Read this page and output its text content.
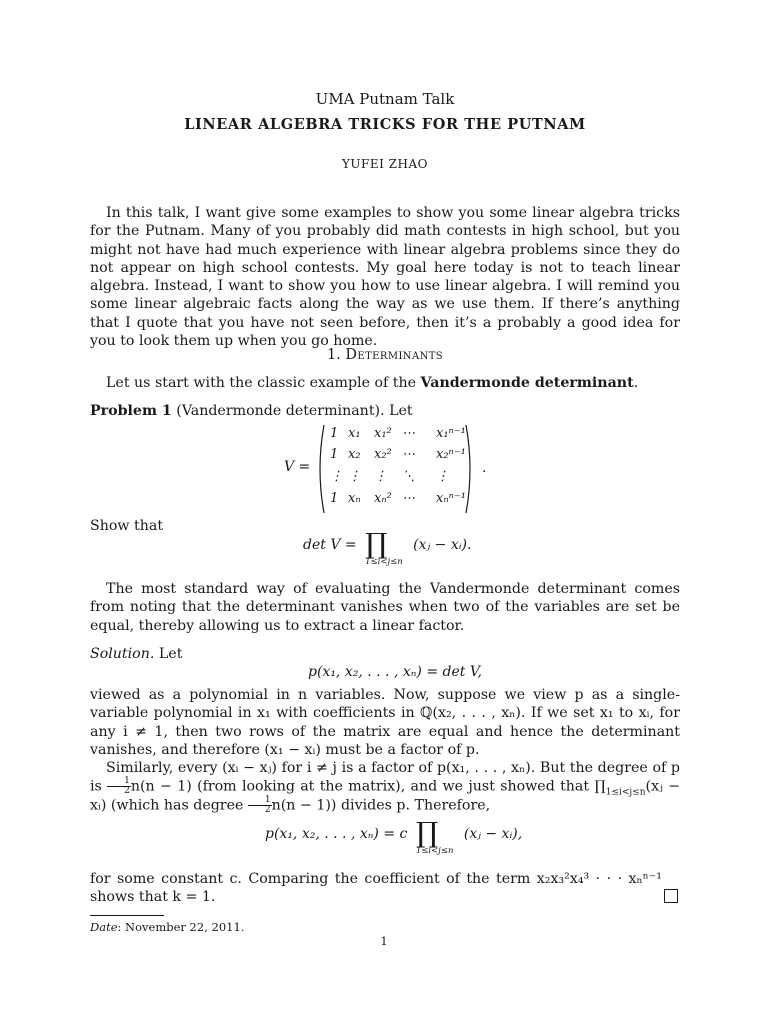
UMA Putnam Talk
LINEAR ALGEBRA TRICKS FOR THE PUTNAM
YUFEI ZHAO
In this talk, I want give some examples to show you some linear algebra tricks for the Putnam. Many of you probably did math contests in high school, but you might not have had much experience with linear algebra problems since they do not appear on high school contests. My goal here today is not to teach linear algebra. Instead, I want to show you how to use linear algebra. I will remind you some linear algebraic facts along the way as we use them. If there’s anything that I quote that you have not seen before, then it’s a probably a good idea for you to look them up when you go home.
1. Determinants
Let us start with the classic example of the Vandermonde determinant.
Problem 1 (Vandermonde determinant). Let
V =
1 x₁ x₁² ⋯ x₁ⁿ⁻¹
1 x₂ x₂² ⋯ x₂ⁿ⁻¹
⋮ ⋮ ⋮ ⋱ ⋮
1 xₙ xₙ² ⋯ xₙⁿ⁻¹
.
Show that
det V = ∏
1≤i<j≤n
(xⱼ − xᵢ).
The most standard way of evaluating the Vandermonde determinant comes from noting that the determinant vanishes when two of the variables are set be equal, thereby allowing us to extract a linear factor.
Solution. Let
p(x₁, x₂, . . . , xₙ) = det V,
viewed as a polynomial in n variables. Now, suppose we view p as a single-variable polynomial in x₁ with coefficients in ℚ(x₂, . . . , xₙ). If we set x₁ to xᵢ, for any i ≠ 1, then two rows of the matrix are equal and hence the determinant vanishes, and therefore (x₁ − xᵢ) must be a factor of p.
Similarly, every (xᵢ − xⱼ) for i ≠ j is a factor of p(x₁, . . . , xₙ). But the degree of p is $\frac{1}{2} n(n - 1)$ (from looking at the matrix), and we just showed that $\prod_{1\le i<j\le n}(xⱼ$ − xᵢ) (which has degree $\frac{1}{2} n(n - 1)$) divides p. Therefore,
p(x₁, x₂, . . . , xₙ) = c ∏
1≤i<j≤n
(xⱼ − xᵢ),
for some constant c. Comparing the coefficient of the term x₂x₃²x₄³ · · · xₙⁿ⁻¹ shows that k = 1.
Date: November 22, 2011.
1
